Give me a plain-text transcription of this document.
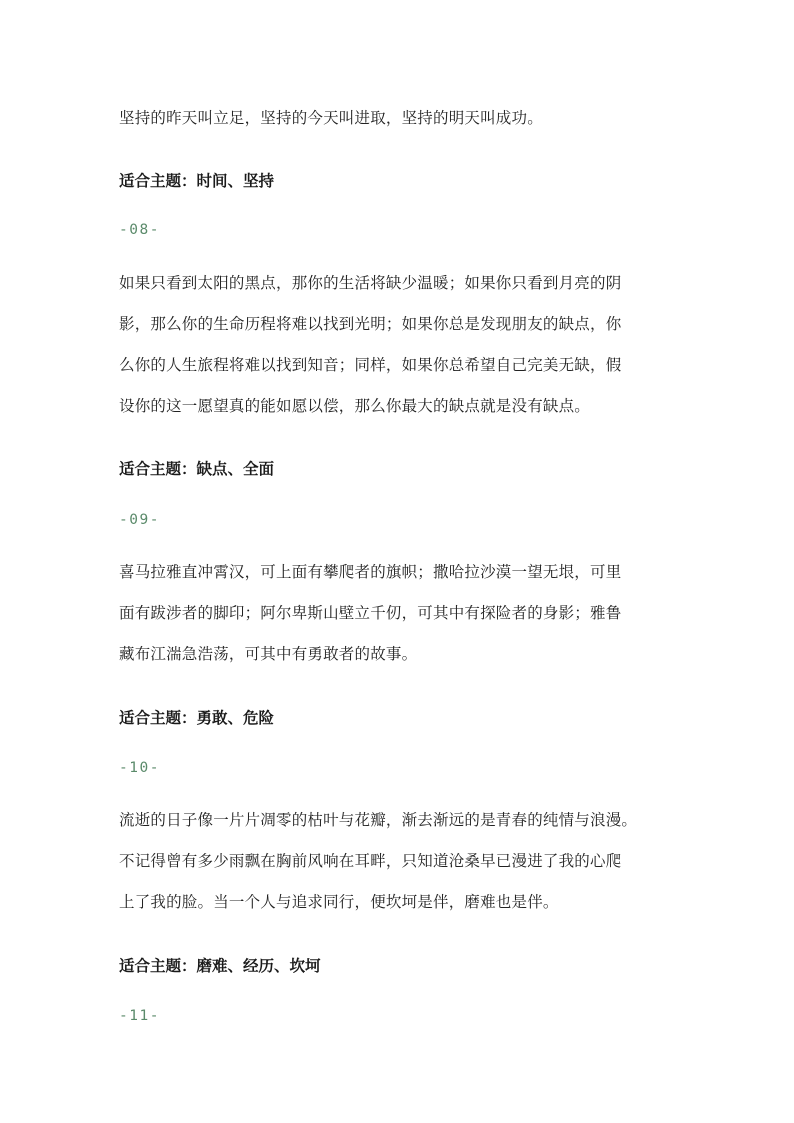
坚持的昨天叫立足，坚持的今天叫进取，坚持的明天叫成功。

适合主题：时间、坚持

-08-

如果只看到太阳的黑点，那你的生活将缺少温暖；如果你只看到月亮的阴
影，那么你的生命历程将难以找到光明；如果你总是发现朋友的缺点，你
么你的人生旅程将难以找到知音；同样，如果你总希望自己完美无缺，假
设你的这一愿望真的能如愿以偿，那么你最大的缺点就是没有缺点。

适合主题：缺点、全面

-09-

喜马拉雅直冲霄汉，可上面有攀爬者的旗帜；撒哈拉沙漠一望无垠，可里
面有跋涉者的脚印；阿尔卑斯山壁立千仞，可其中有探险者的身影；雅鲁
藏布江湍急浩荡，可其中有勇敢者的故事。

适合主题：勇敢、危险

-10-

流逝的日子像一片片凋零的枯叶与花瓣，渐去渐远的是青春的纯情与浪漫。
不记得曾有多少雨飘在胸前风响在耳畔，只知道沧桑早已漫进了我的心爬
上了我的脸。当一个人与追求同行，便坎坷是伴，磨难也是伴。

适合主题：磨难、经历、坎坷

-11-
